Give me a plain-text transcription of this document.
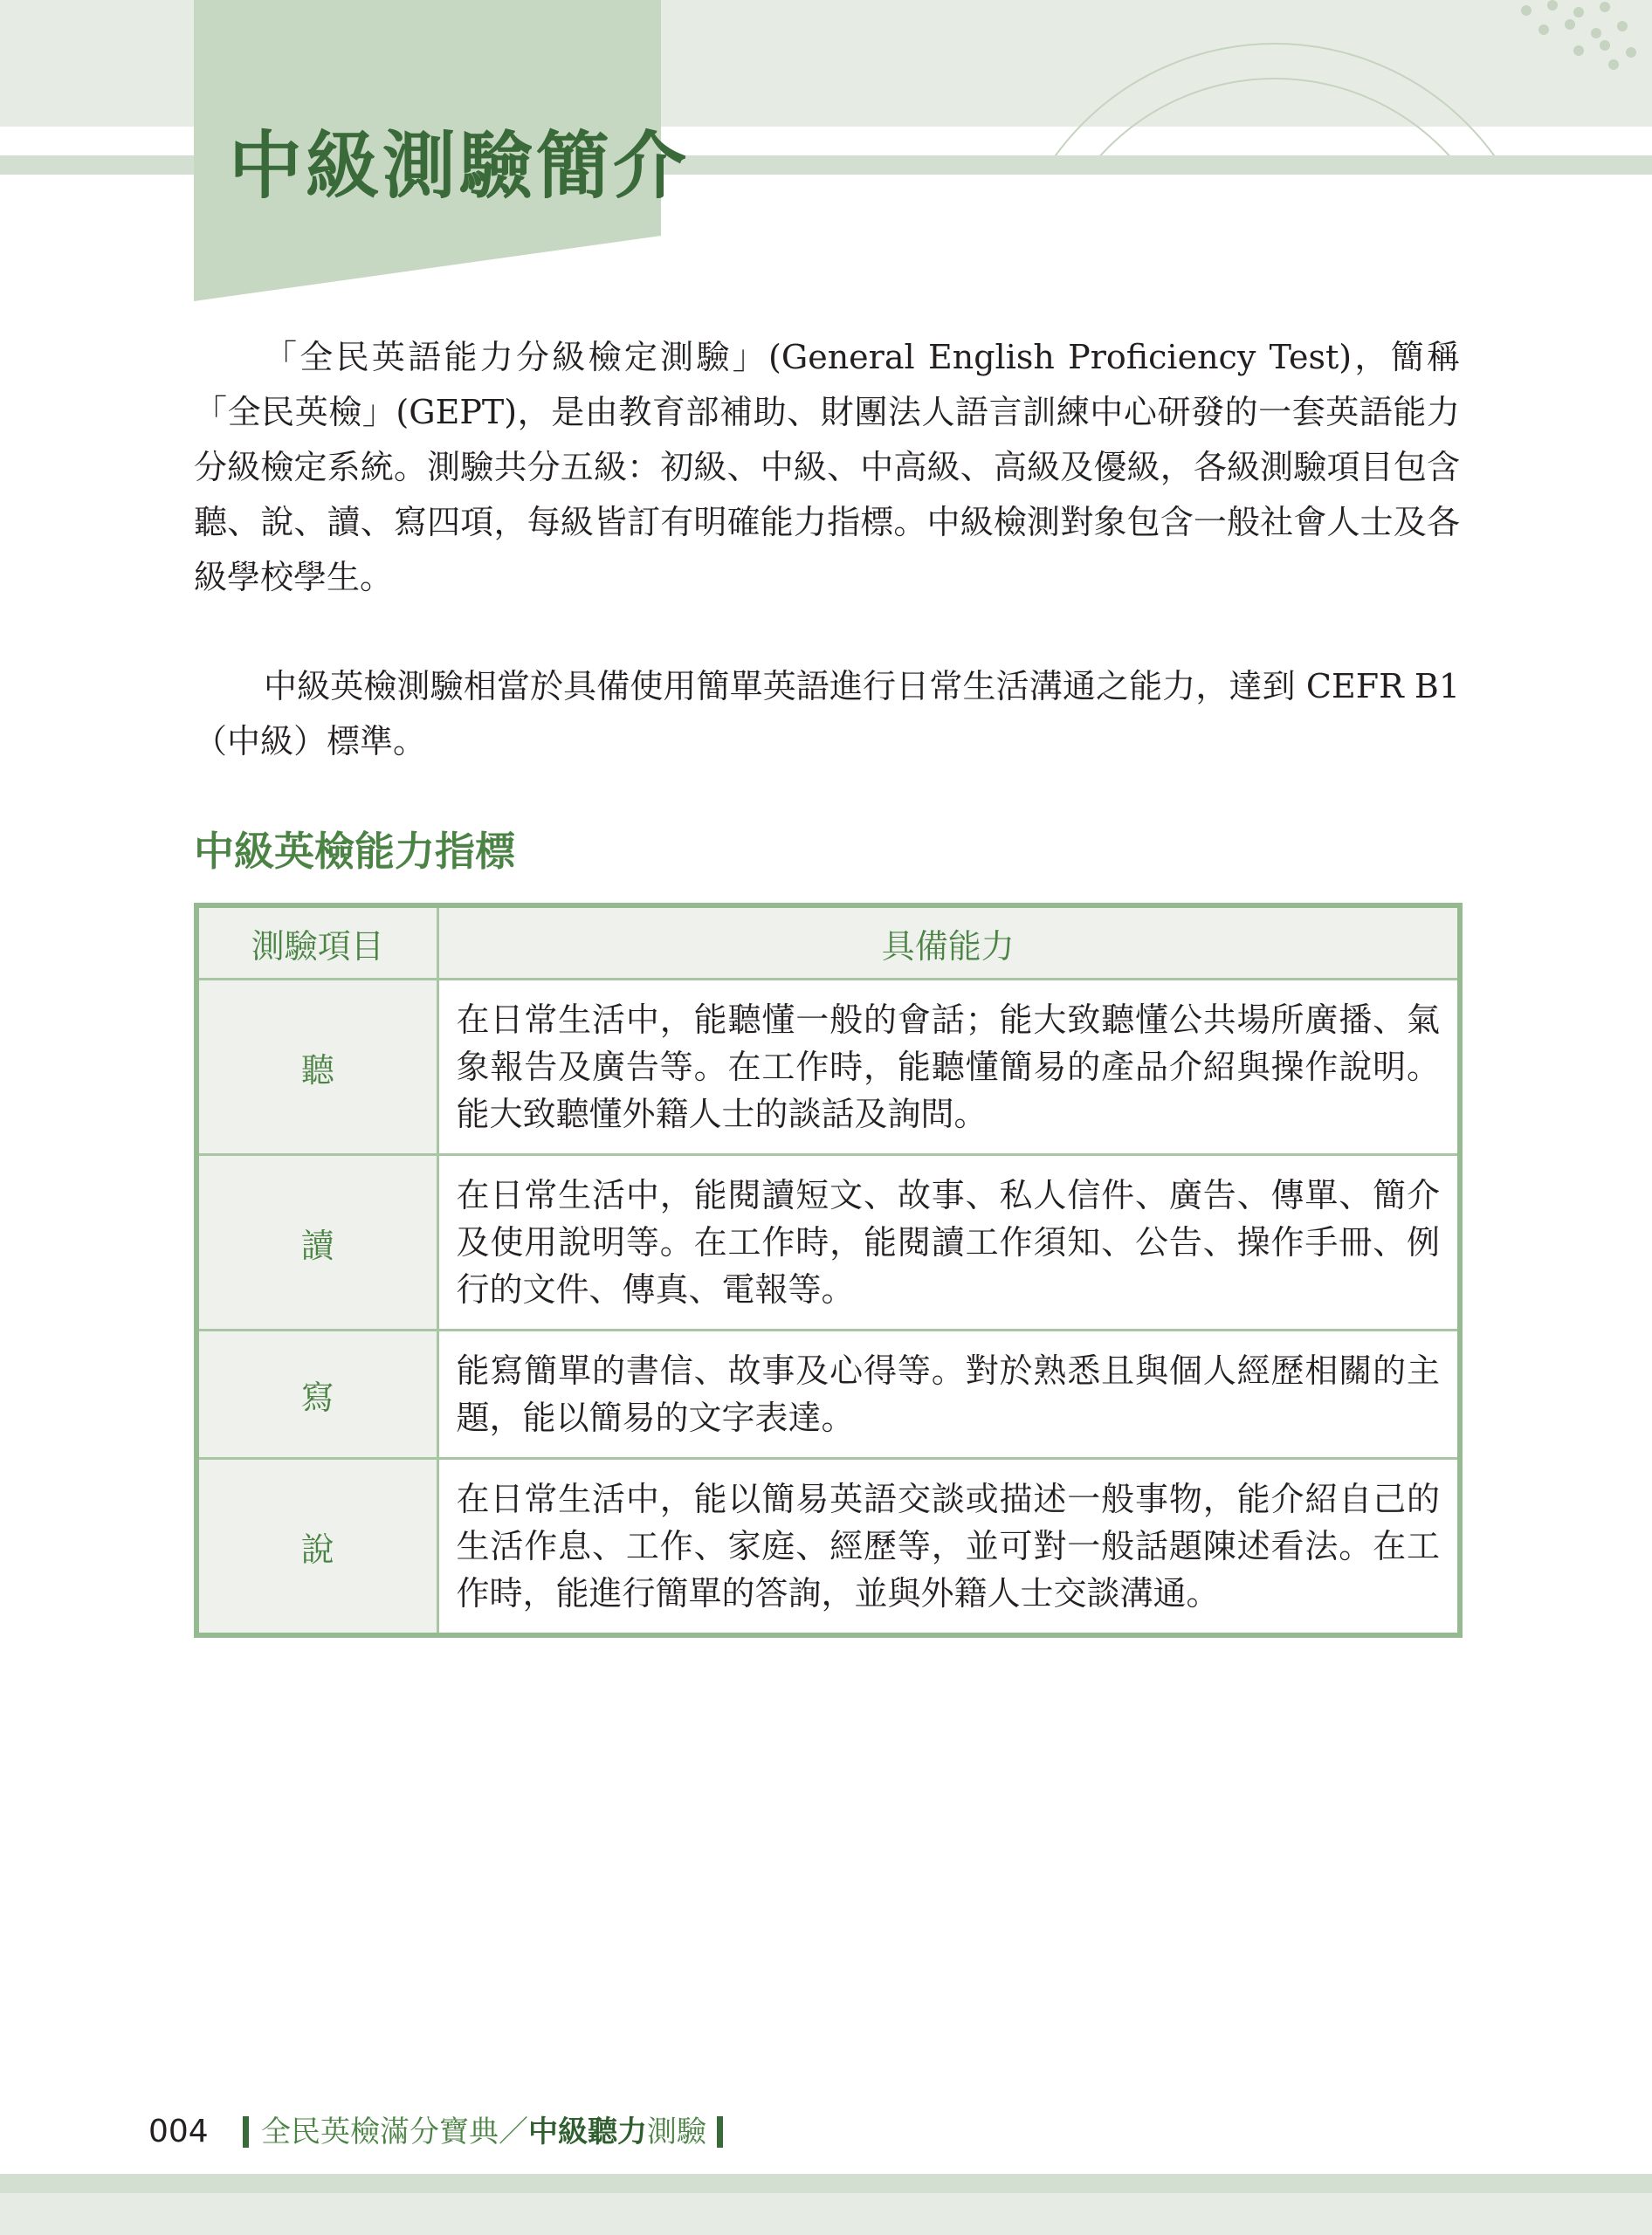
中級測驗簡介

「全民英語能力分級檢定測驗」(General English Proficiency Test)，簡稱「全民英檢」(GEPT)，是由教育部補助、財團法人語言訓練中心研發的一套英語能力分級檢定系統。測驗共分五級：初級、中級、中高級、高級及優級，各級測驗項目包含聽、說、讀、寫四項，每級皆訂有明確能力指標。中級檢測對象包含一般社會人士及各級學校學生。

中級英檢測驗相當於具備使用簡單英語進行日常生活溝通之能力，達到 CEFR B1（中級）標準。

中級英檢能力指標
測驗項目	具備能力
聽	在日常生活中，能聽懂一般的會話；能大致聽懂公共場所廣播、氣象報告及廣告等。在工作時，能聽懂簡易的產品介紹與操作說明。能大致聽懂外籍人士的談話及詢問。
讀	在日常生活中，能閱讀短文、故事、私人信件、廣告、傳單、簡介及使用說明等。在工作時，能閱讀工作須知、公告、操作手冊、例行的文件、傳真、電報等。
寫	能寫簡單的書信、故事及心得等。對於熟悉且與個人經歷相關的主題，能以簡易的文字表達。
說	在日常生活中，能以簡易英語交談或描述一般事物，能介紹自己的生活作息、工作、家庭、經歷等，並可對一般話題陳述看法。在工作時，能進行簡單的答詢，並與外籍人士交談溝通。
004 全民英檢滿分寶典／ 中級聽力 測驗
